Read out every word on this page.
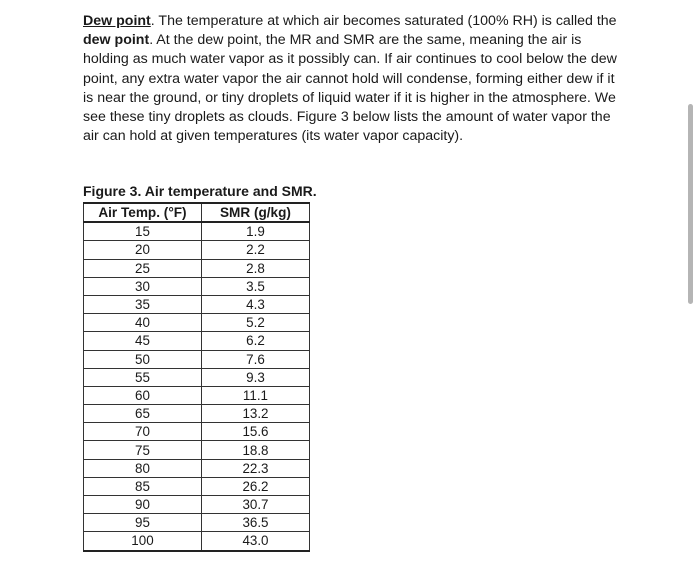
Dew point. The temperature at which air becomes saturated (100% RH) is called the dew point. At the dew point, the MR and SMR are the same, meaning the air is holding as much water vapor as it possibly can. If air continues to cool below the dew point, any extra water vapor the air cannot hold will condense, forming either dew if it is near the ground, or tiny droplets of liquid water if it is higher in the atmosphere. We see these tiny droplets as clouds. Figure 3 below lists the amount of water vapor the air can hold at given temperatures (its water vapor capacity).

Figure 3. Air temperature and SMR.

Air Temp. (°F)	SMR (g/kg)
15	1.9
20	2.2
25	2.8
30	3.5
35	4.3
40	5.2
45	6.2
50	7.6
55	9.3
60	11.1
65	13.2
70	15.6
75	18.8
80	22.3
85	26.2
90	30.7
95	36.5
100	43.0
